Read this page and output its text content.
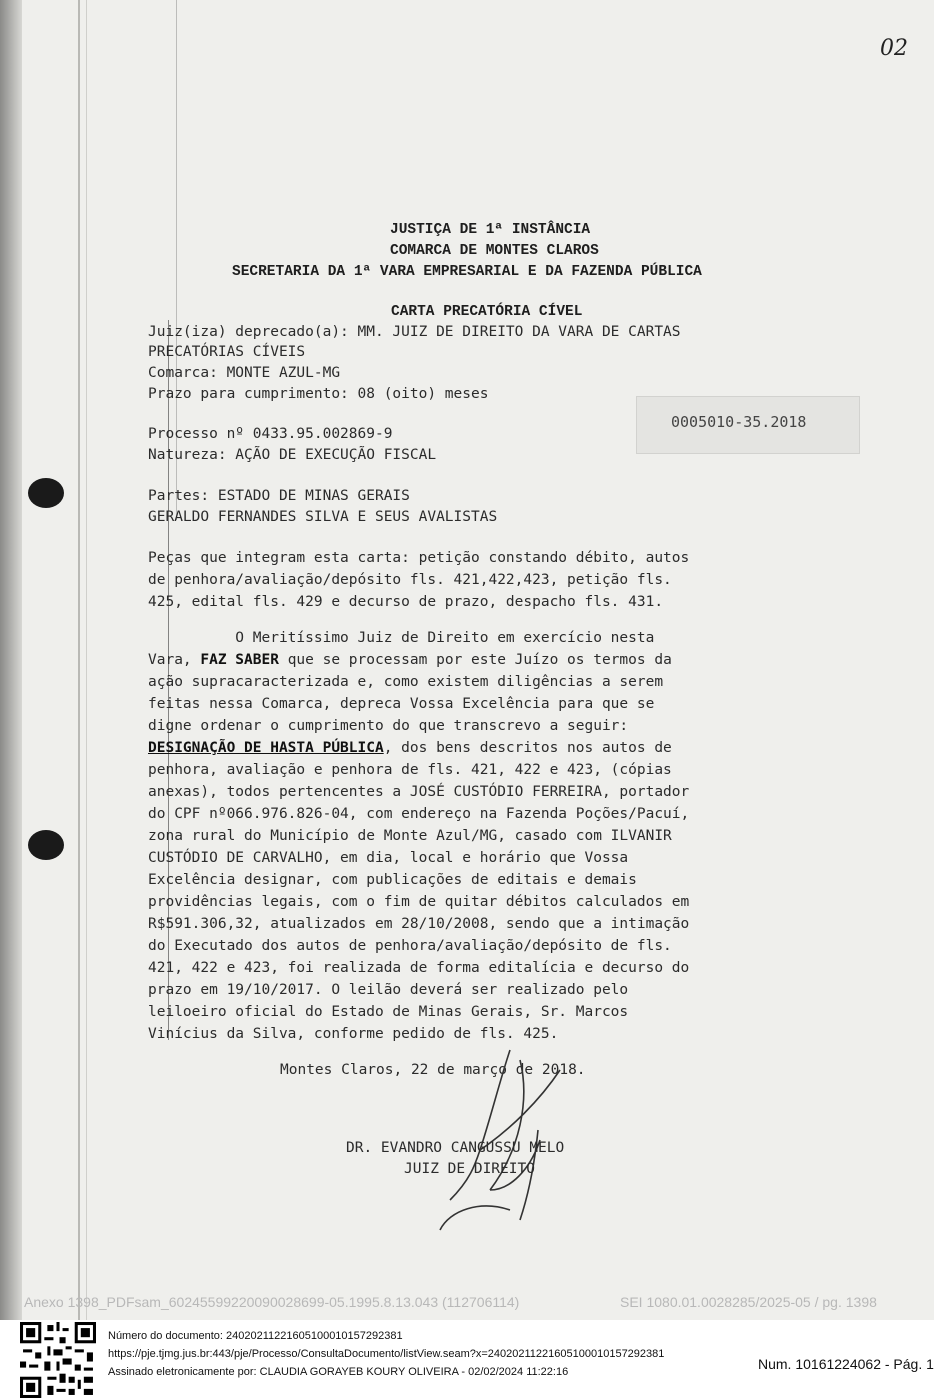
02
JUSTIÇA DE 1ª INSTÂNCIA
COMARCA DE MONTES CLAROS
SECRETARIA DA 1ª VARA EMPRESARIAL E DA FAZENDA PÚBLICA
CARTA PRECATÓRIA CÍVEL
Juiz(iza) deprecado(a): MM. JUIZ DE DIREITO DA VARA DE CARTAS
PRECATÓRIAS CÍVEIS
Comarca: MONTE AZUL-MG
Prazo para cumprimento: 08 (oito) meses
0005010-35.2018
Processo nº 0433.95.002869-9
Natureza: AÇÃO DE EXECUÇÃO FISCAL
Partes: ESTADO DE MINAS GERAIS
GERALDO FERNANDES SILVA E SEUS AVALISTAS
Peças que integram esta carta: petição constando débito, autos
de penhora/avaliação/depósito fls. 421,422,423, petição fls.
425, edital fls. 429 e decurso de prazo, despacho fls. 431.
O Meritíssimo Juiz de Direito em exercício nesta
Vara, FAZ SABER que se processam por este Juízo os termos da
ação supracaracterizada e, como existem diligências a serem
feitas nessa Comarca, depreca Vossa Excelência para que se
digne ordenar o cumprimento do que transcrevo a seguir:
DESIGNAÇÃO DE HASTA PÚBLICA, dos bens descritos nos autos de
penhora, avaliação e penhora de fls. 421, 422 e 423, (cópias
anexas), todos pertencentes a JOSÉ CUSTÓDIO FERREIRA, portador
do CPF nº066.976.826-04, com endereço na Fazenda Poções/Pacuí,
zona rural do Município de Monte Azul/MG, casado com ILVANIR
CUSTÓDIO DE CARVALHO, em dia, local e horário que Vossa
Excelência designar, com publicações de editais e demais
providências legais, com o fim de quitar débitos calculados em
R$591.306,32, atualizados em 28/10/2008, sendo que a intimação
do Executado dos autos de penhora/avaliação/depósito de fls.
421, 422 e 423, foi realizada de forma editalícia e decurso do
prazo em 19/10/2017. O leilão deverá ser realizado pelo
leiloeiro oficial do Estado de Minas Gerais, Sr. Marcos
Vinícius da Silva, conforme pedido de fls. 425.
Montes Claros, 22 de março de 2018.
DR. EVANDRO CANGUSSU MELO
JUIZ DE DIREITO
Anexo 1398_PDFsam_60245599220090028699-05.1995.8.13.043 (112706114)	SEI 1080.01.0028285/2025-05 / pg. 1398
Número do documento: 24020211221605100010157292381
https://pje.tjmg.jus.br:443/pje/Processo/ConsultaDocumento/listView.seam?x=24020211221605100010157292381
Assinado eletronicamente por: CLAUDIA GORAYEB KOURY OLIVEIRA - 02/02/2024 11:22:16	Num. 10161224062 - Pág. 1
